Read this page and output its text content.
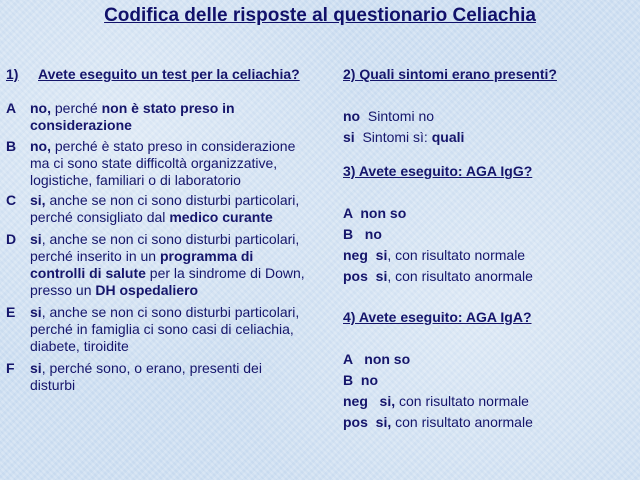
Codifica delle risposte al questionario Celiachia
1)	Avete eseguito un test per la celiachia?
A no, perché non è stato preso in considerazione
B no, perché è stato preso in considerazione ma ci sono state difficoltà organizzative, logistiche, familiari o di laboratorio
C si, anche se non ci sono disturbi particolari, perché consigliato dal medico curante
D si, anche se non ci sono disturbi particolari, perché inserito in un programma di controlli di salute per la sindrome di Down, presso un DH ospedaliero
E	si, anche se non ci sono disturbi particolari, perché in famiglia ci sono casi di celiachia, diabete, tiroidite
F	si, perché sono, o erano, presenti dei disturbi
2) Quali sintomi erano presenti?
no  Sintomi no
si  Sintomi sì: quali
3) Avete eseguito: AGA IgG?
A  non so
B   no
neg  si, con risultato normale
pos  si, con risultato anormale
4) Avete eseguito: AGA IgA?
A   non so
B  no
neg   si, con risultato normale
pos  si, con risultato anormale
